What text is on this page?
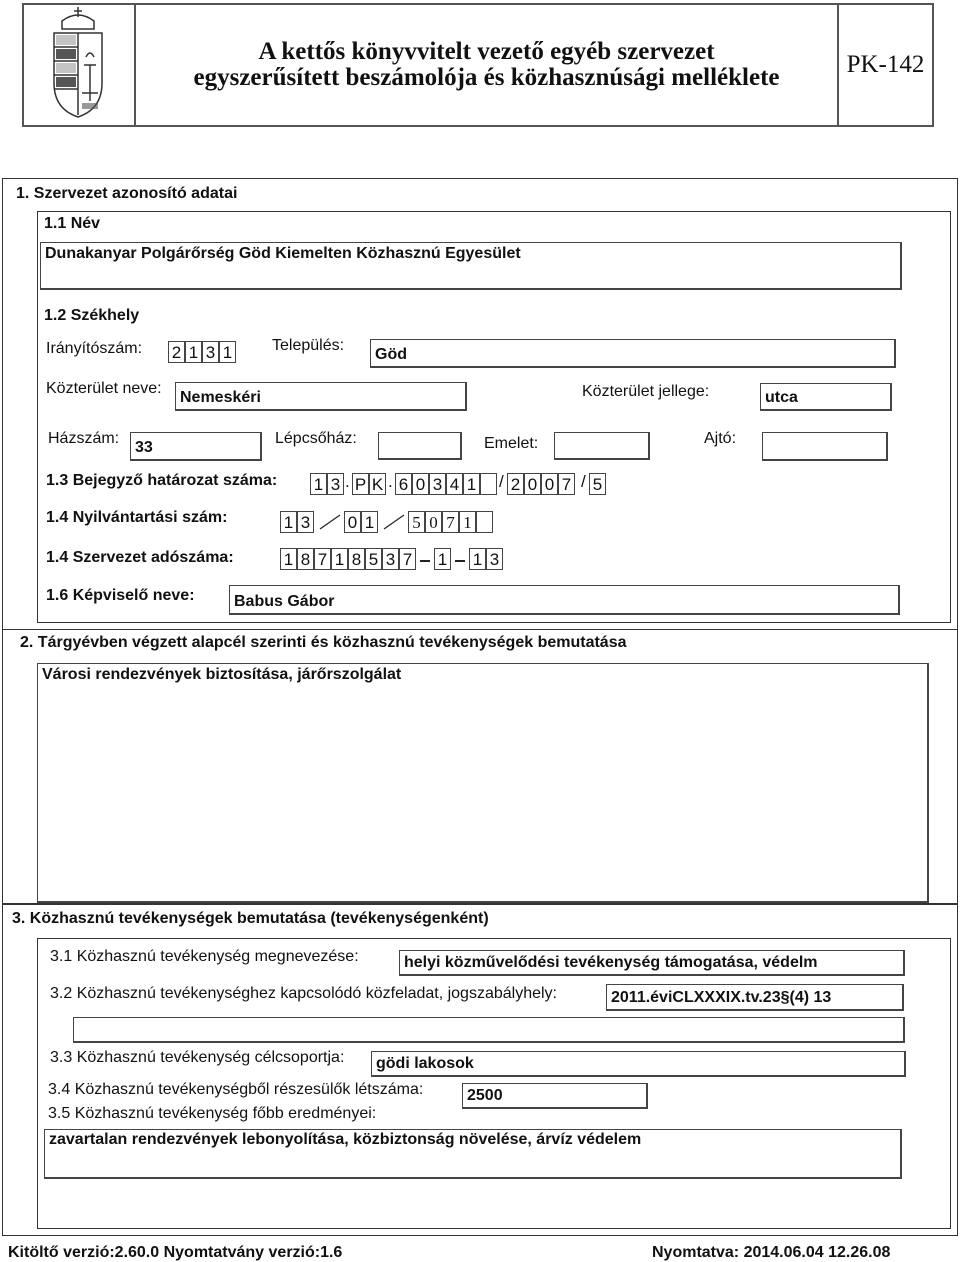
A kettős könyvvitelt vezető egyéb szervezet
egyszerűsített beszámolója és közhasznúsági melléklete	PK-142
1. Szervezet azonosító adatai
1.1 Név
Dunakanyar Polgárőrség Göd Kiemelten Közhasznú Egyesület
1.2 Székhely
Irányítószám: 2 1 3 1 Település:
Göd
Közterület neve:
Nemeskéri	Közterület jellege:	utca
Házszám:
33
Lépcsőház:	Emelet:	Ajtó:
1.3 Bejegyző határozat száma: 1 3 . P K . 6 0 3 4 1 / 2 0 0 7 / 5
1.4 Nyilvántartási szám:	1 3 0 1 5 0 7 1
1.4 Szervezet adószáma:	1 8 7 1 8 5 3 7 1 1 3
1.6 Képviselő neve: Babus Gábor
2. Tárgyévben végzett alapcél szerinti és közhasznú tevékenységek bemutatása
Városi rendezvények biztosítása, járőrszolgálat
3. Közhasznú tevékenységek bemutatása (tevékenységenként)
3.1 Közhasznú tevékenység megnevezése:	helyi közművelődési tevékenység támogatása, védelm
3.2 Közhasznú tevékenységhez kapcsolódó közfeladat, jogszabályhely:	2011.éviCLXXXIX.tv.23§(4) 13
3.3 Közhasznú tevékenység célcsoportja: gödi lakosok
3.4 Közhasznú tevékenységből részesülők létszáma:	2500
3.5 Közhasznú tevékenység főbb eredményei:
zavartalan rendezvények lebonyolítása, közbiztonság növelése, árvíz védelem
Kitöltő verzió:2.60.0 Nyomtatvány verzió:1.6	Nyomtatva: 2014.06.04 12.26.08
